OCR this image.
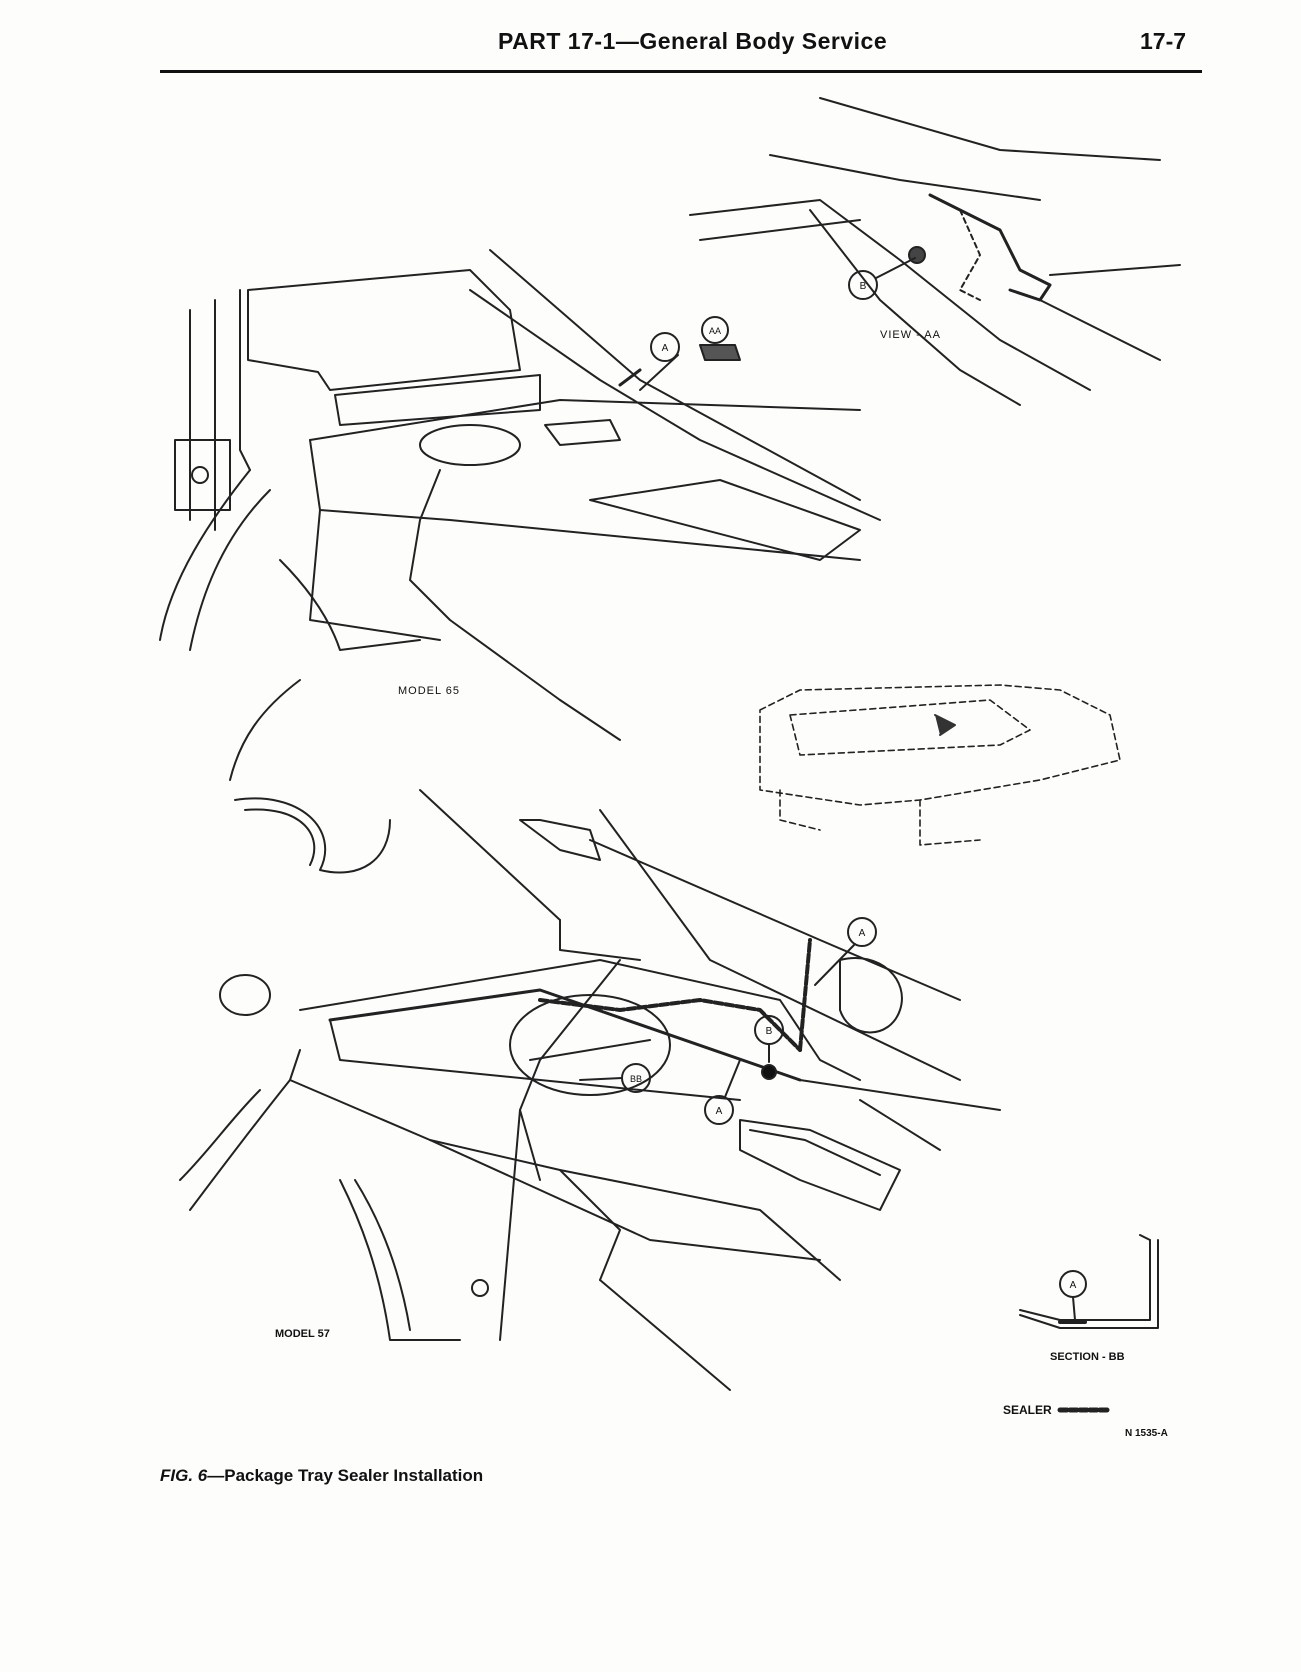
PART 17-1—General Body Service	17-7
MODEL 65
MODEL 57
VIEW - AA
SECTION - BB
SEALER
N 1535-A
A
AA
B
A
B
BB
A
A
FIG. 6—Package Tray Sealer Installation
